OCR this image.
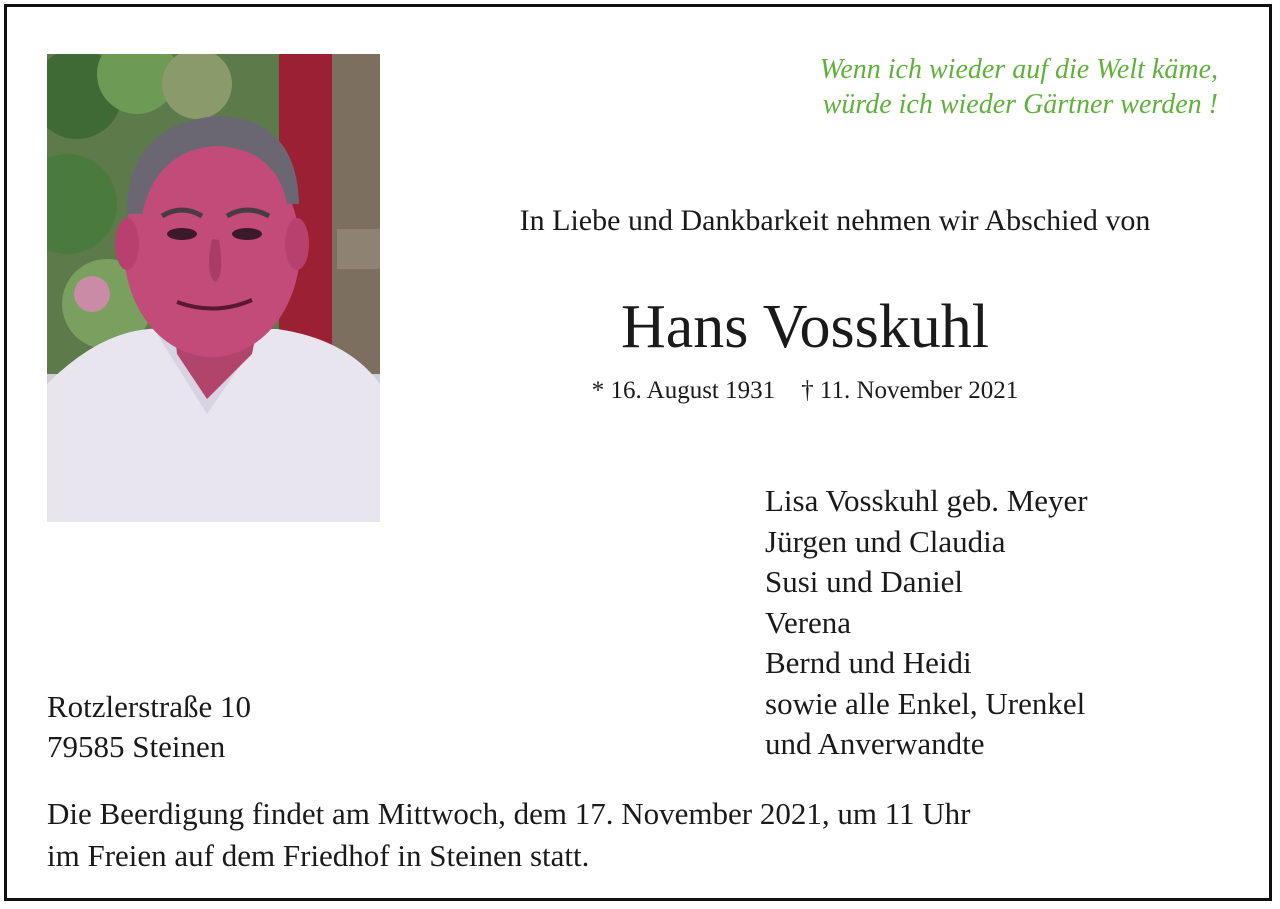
Wenn ich wieder auf die Welt käme,
würde ich wieder Gärtner werden !
In Liebe und Dankbarkeit nehmen wir Abschied von
Hans Vosskuhl
* 16. August 1931 † 11. November 2021
Lisa Vosskuhl geb. Meyer
Jürgen und Claudia
Susi und Daniel
Verena
Bernd und Heidi
sowie alle Enkel, Urenkel
und Anverwandte
Rotzlerstraße 10
79585 Steinen
Die Beerdigung findet am Mittwoch, dem 17. November 2021, um 11 Uhr
im Freien auf dem Friedhof in Steinen statt.
